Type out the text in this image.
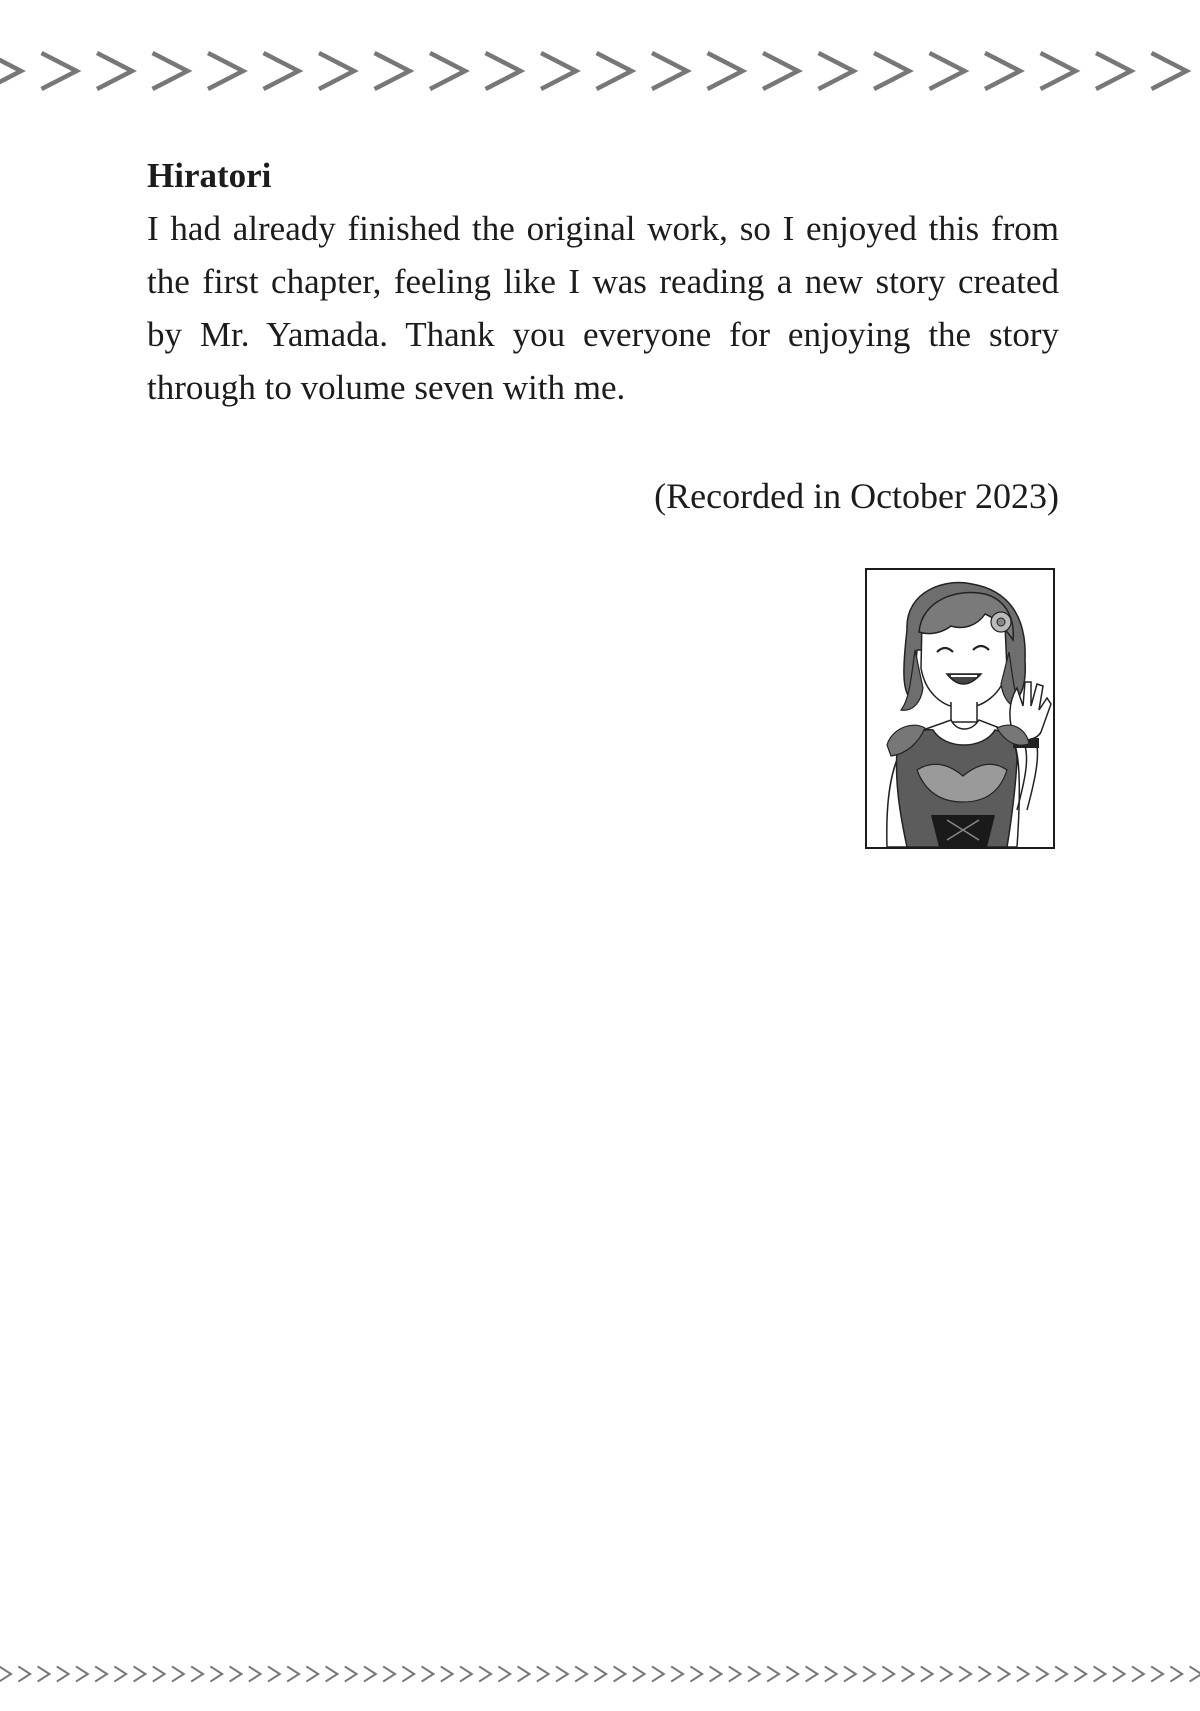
Hiratori

I had already finished the original work, so I enjoyed this from the first chapter, feeling like I was reading a new story created by Mr. Yamada. Thank you everyone for enjoying the story through to volume seven with me.

(Recorded in October 2023)
